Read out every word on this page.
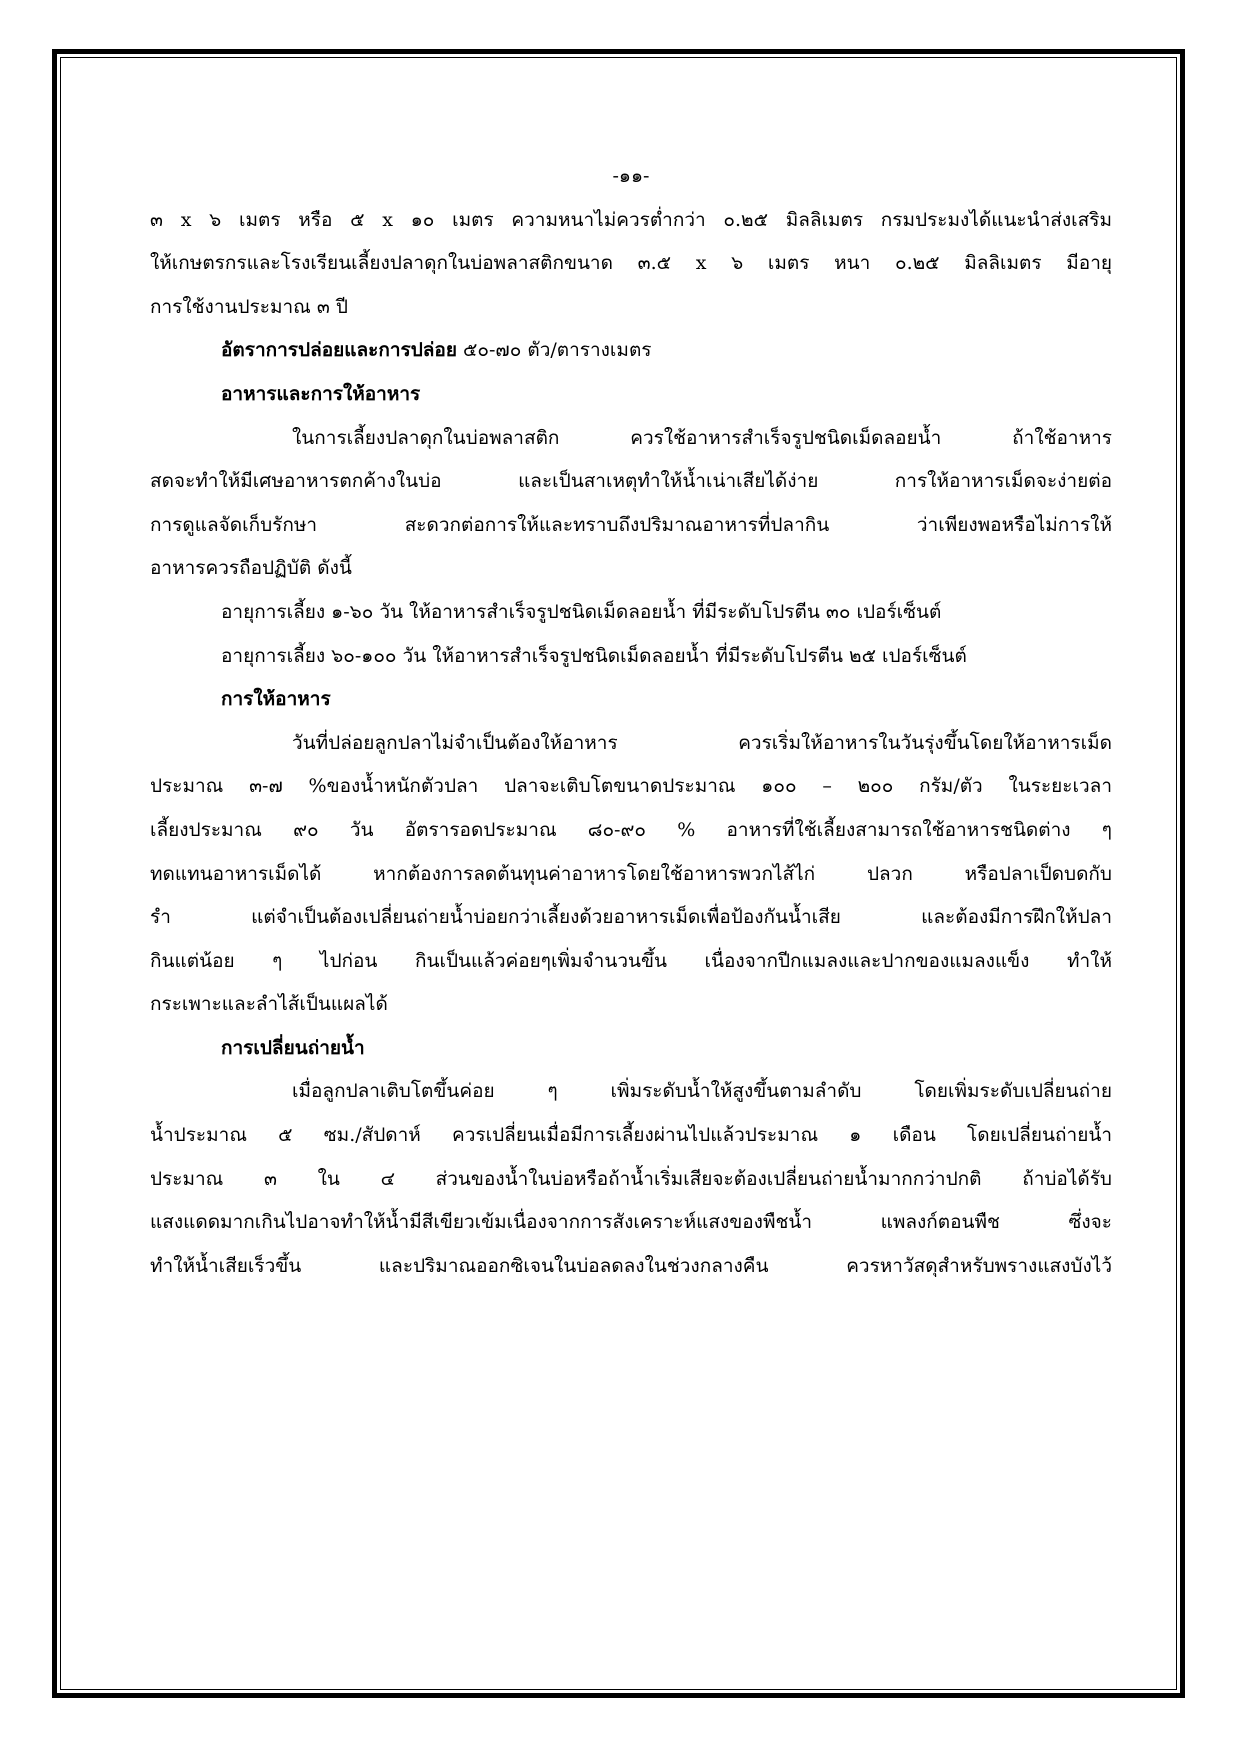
-๑๑-

๓ x ๖ เมตร หรือ ๕ x ๑๐ เมตร ความหนาไม่ควรต่ำกว่า ๐.๒๕ มิลลิเมตร กรมประมงได้แนะนำส่งเสริม

ให้เกษตรกรและโรงเรียนเลี้ยงปลาดุกในบ่อพลาสติกขนาด ๓.๕ x ๖ เมตร หนา ๐.๒๕ มิลลิเมตร มีอายุ

การใช้งานประมาณ ๓ ปี

อัตราการปล่อยและการปล่อย ๕๐-๗๐ ตัว/ตารางเมตร

อาหารและการให้อาหาร

ในการเลี้ยงปลาดุกในบ่อพลาสติก ควรใช้อาหารสำเร็จรูปชนิดเม็ดลอยน้ำ ถ้าใช้อาหาร

สดจะทำให้มีเศษอาหารตกค้างในบ่อ และเป็นสาเหตุทำให้น้ำเน่าเสียได้ง่าย การให้อาหารเม็ดจะง่ายต่อ

การดูแลจัดเก็บรักษา สะดวกต่อการให้และทราบถึงปริมาณอาหารที่ปลากิน ว่าเพียงพอหรือไม่การให้

อาหารควรถือปฏิบัติ ดังนี้

อายุการเลี้ยง ๑-๖๐ วัน ให้อาหารสำเร็จรูปชนิดเม็ดลอยน้ำ ที่มีระดับโปรตีน ๓๐ เปอร์เซ็นต์

อายุการเลี้ยง ๖๐-๑๐๐ วัน ให้อาหารสำเร็จรูปชนิดเม็ดลอยน้ำ ที่มีระดับโปรตีน ๒๕ เปอร์เซ็นต์

การให้อาหาร

วันที่ปล่อยลูกปลาไม่จำเป็นต้องให้อาหาร ควรเริ่มให้อาหารในวันรุ่งขึ้นโดยให้อาหารเม็ด

ประมาณ ๓-๗ %ของน้ำหนักตัวปลา ปลาจะเติบโตขนาดประมาณ ๑๐๐ – ๒๐๐ กรัม/ตัว ในระยะเวลา

เลี้ยงประมาณ ๙๐ วัน อัตรารอดประมาณ ๘๐-๙๐ % อาหารที่ใช้เลี้ยงสามารถใช้อาหารชนิดต่าง ๆ

ทดแทนอาหารเม็ดได้ หากต้องการลดต้นทุนค่าอาหารโดยใช้อาหารพวกไส้ไก่ ปลวก หรือปลาเป็ดบดกับ

รำ แต่จำเป็นต้องเปลี่ยนถ่ายน้ำบ่อยกว่าเลี้ยงด้วยอาหารเม็ดเพื่อป้องกันน้ำเสีย และต้องมีการฝึกให้ปลา

กินแต่น้อย ๆ ไปก่อน กินเป็นแล้วค่อยๆเพิ่มจำนวนขึ้น เนื่องจากปีกแมลงและปากของแมลงแข็ง ทำให้

กระเพาะและลำไส้เป็นแผลได้

การเปลี่ยนถ่ายน้ำ

เมื่อลูกปลาเติบโตขึ้นค่อย ๆ เพิ่มระดับน้ำให้สูงขึ้นตามลำดับ โดยเพิ่มระดับเปลี่ยนถ่าย

น้ำประมาณ ๕ ซม./สัปดาห์ ควรเปลี่ยนเมื่อมีการเลี้ยงผ่านไปแล้วประมาณ ๑ เดือน โดยเปลี่ยนถ่ายน้ำ

ประมาณ ๓ ใน ๔ ส่วนของน้ำในบ่อหรือถ้าน้ำเริ่มเสียจะต้องเปลี่ยนถ่ายน้ำมากกว่าปกติ ถ้าบ่อได้รับ

แสงแดดมากเกินไปอาจทำให้น้ำมีสีเขียวเข้มเนื่องจากการสังเคราะห์แสงของพืชน้ำ แพลงก์ตอนพืช ซึ่งจะ

ทำให้น้ำเสียเร็วขึ้น และปริมาณออกซิเจนในบ่อลดลงในช่วงกลางคืน ควรหาวัสดุสำหรับพรางแสงบังไว้
